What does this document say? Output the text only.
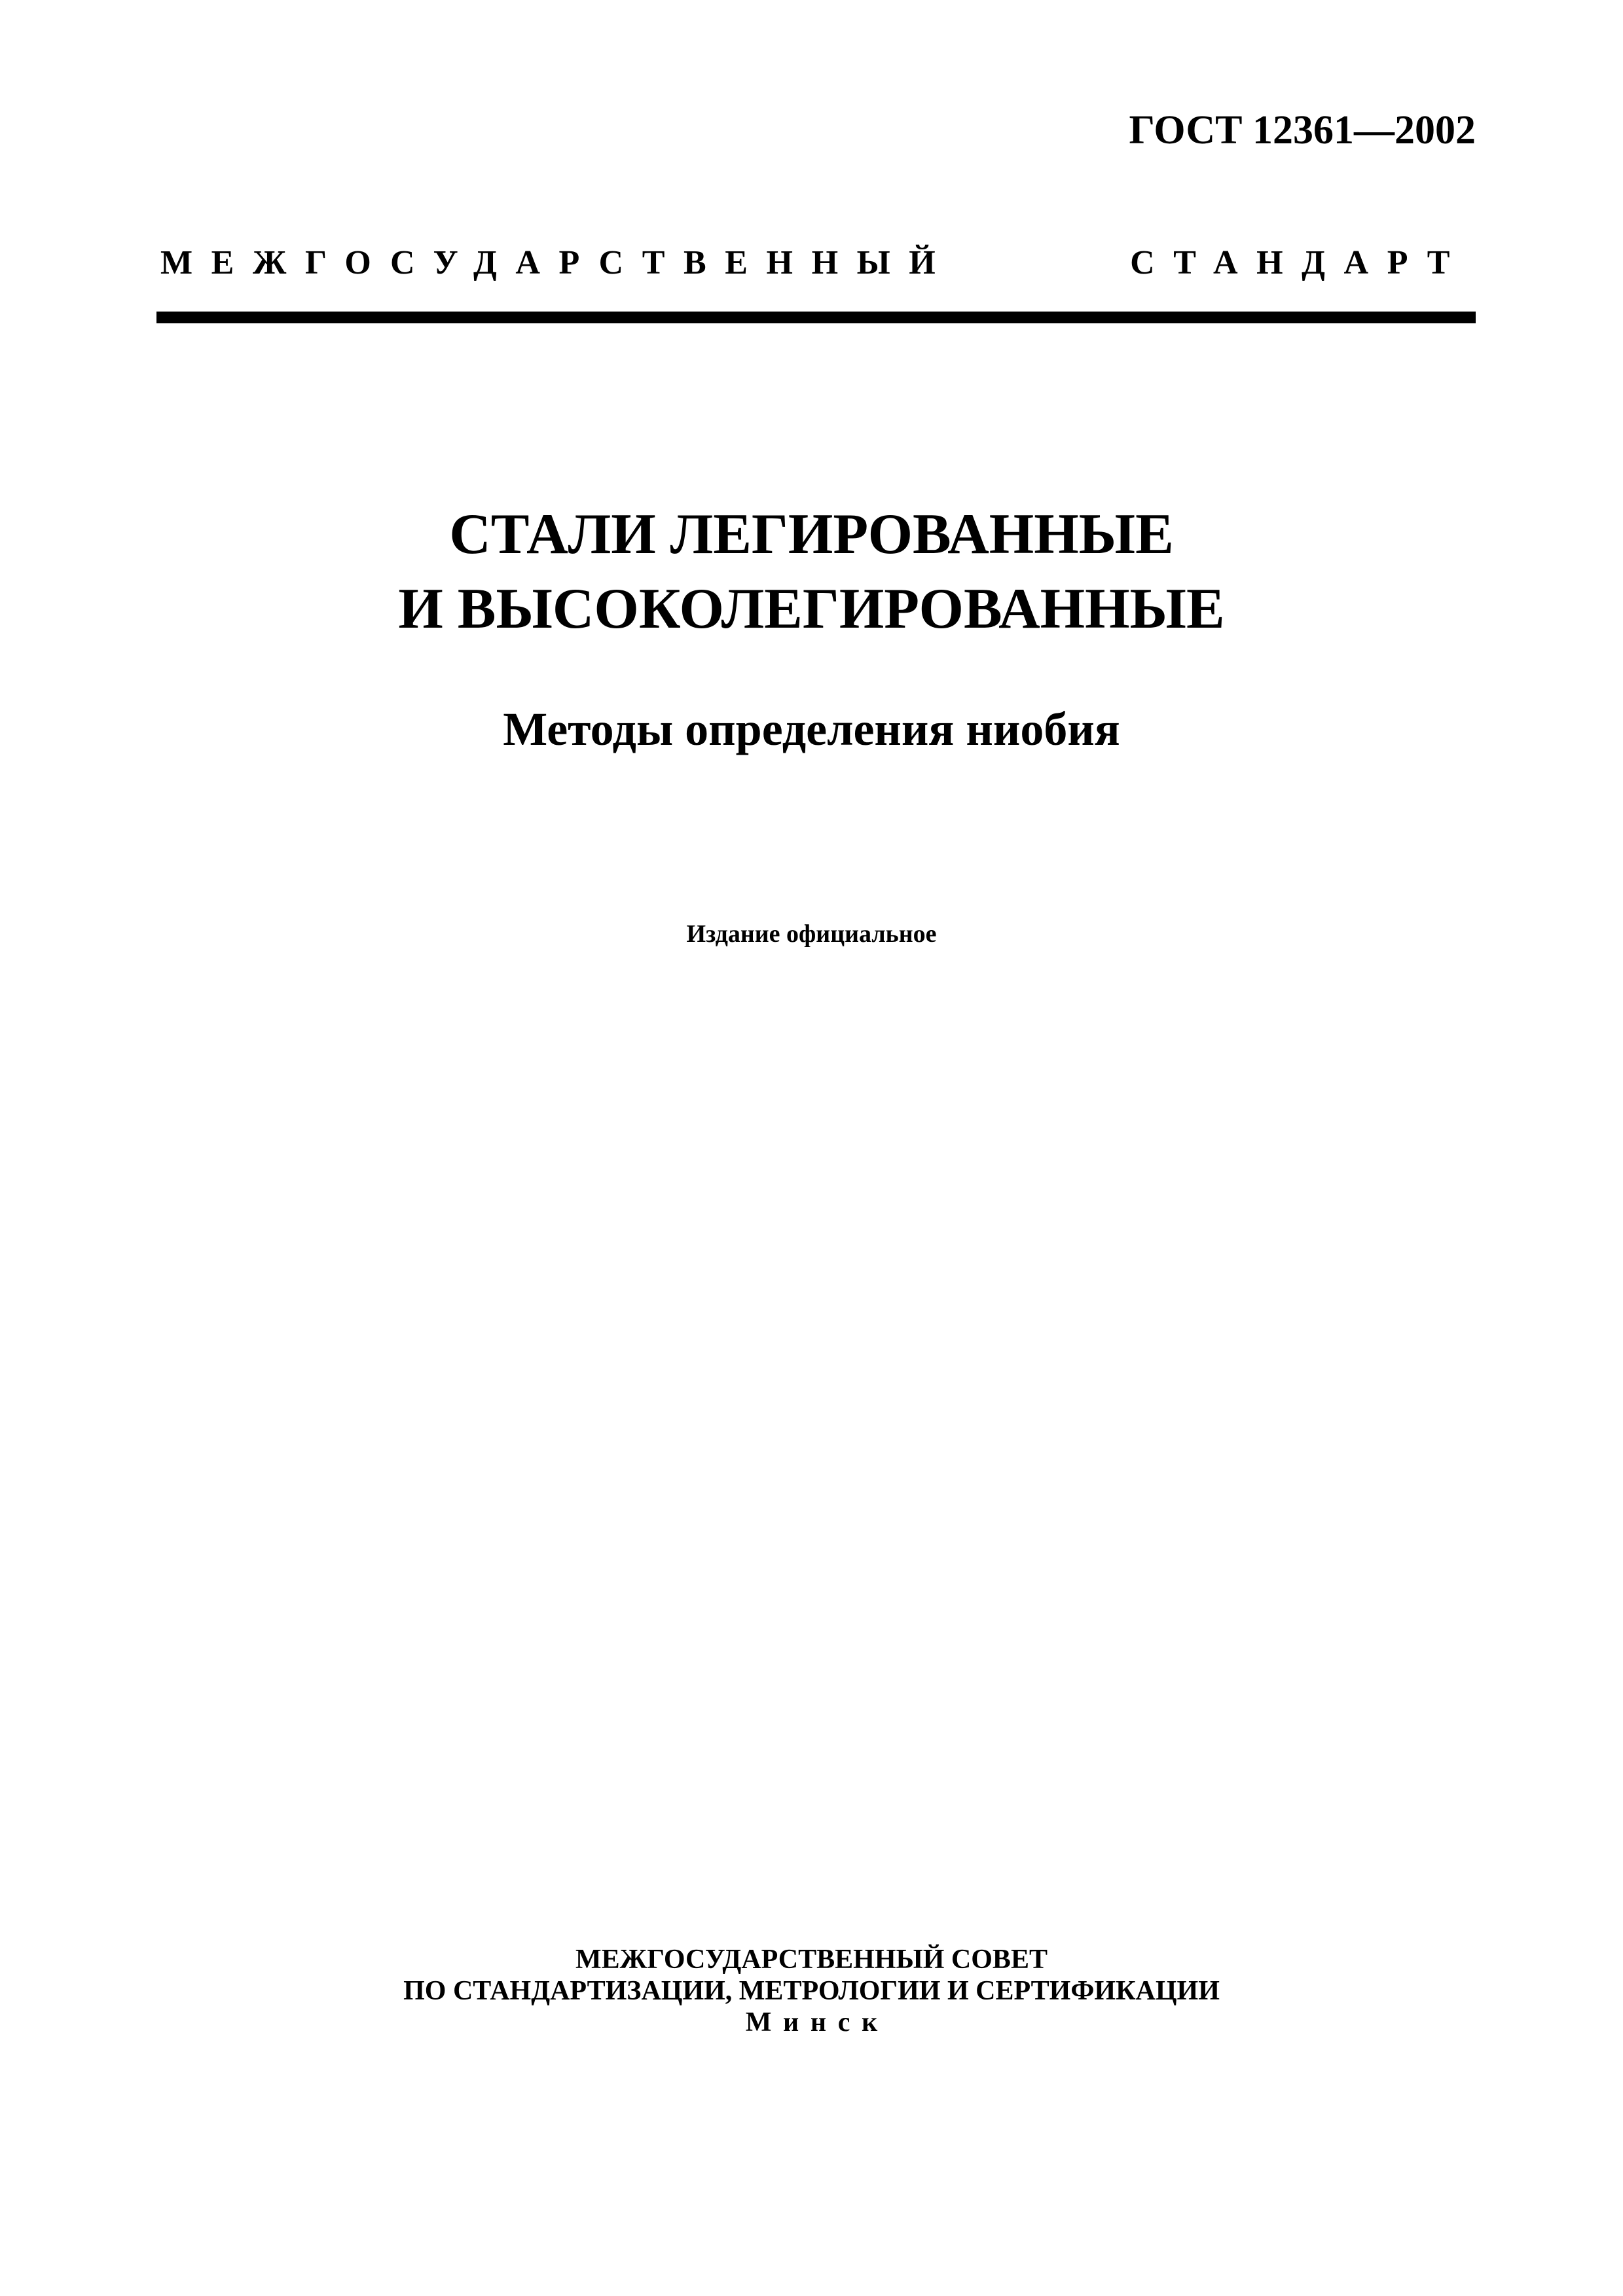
ГОСТ 12361—2002
МЕЖГОСУДАРСТВЕННЫЙ СТАНДАРТ
СТАЛИ ЛЕГИРОВАННЫЕ
И ВЫСОКОЛЕГИРОВАННЫЕ
Методы определения ниобия
Издание официальное
МЕЖГОСУДАРСТВЕННЫЙ СОВЕТ
ПО СТАНДАРТИЗАЦИИ, МЕТРОЛОГИИ И СЕРТИФИКАЦИИ
Минск
